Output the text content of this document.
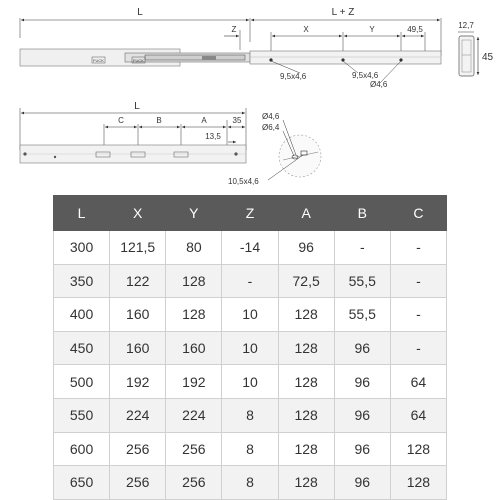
L	L + Z
Z	X	Y	49,5
FUCK	FUCK
9,5x4,6	9,5x4,6
Ø4,6
12,7
45
L
C	B	A	35
13,5
Ø4,6
Ø6,4
10,5x4,6
L	X	Y	Z	A	B	C
300	121,5	80	-14	96	-	-
350	122	128	-	72,5	55,5	-
400	160	128	10	128	55,5	-
450	160	160	10	128	96	-
500	192	192	10	128	96	64
550	224	224	8	128	96	64
600	256	256	8	128	96	128
650	256	256	8	128	96	128
